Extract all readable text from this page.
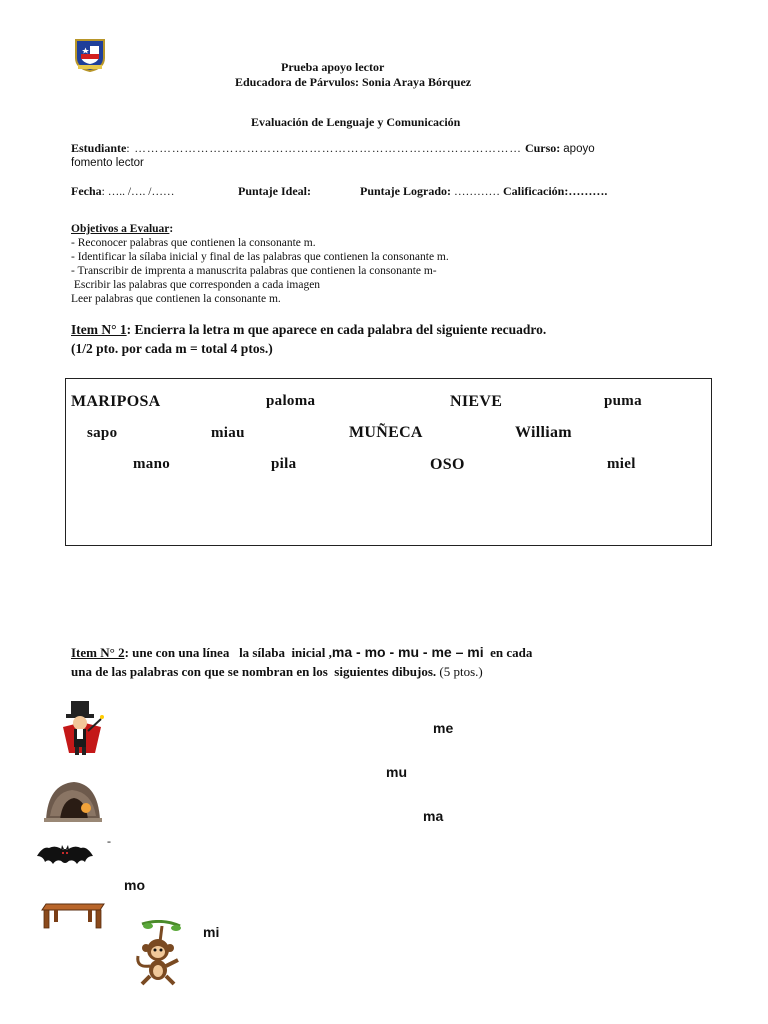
Prueba apoyo lector
Educadora de Párvulos: Sonia Araya Bórquez
Evaluación de Lenguaje y Comunicación
Estudiante: ………………………………………………………………………………… Curso: apoyo
fomento lector
Fecha: ….. /…. /……	Puntaje Ideal:	Puntaje Logrado: ………… Calificación:……….
Objetivos a Evaluar:
- Reconocer palabras que contienen la consonante m.
- Identificar la sílaba inicial y final de las palabras que contienen la consonante m.
- Transcribir de imprenta a manuscrita palabras que contienen la consonante m-
Escribir las palabras que corresponden a cada imagen
Leer palabras que contienen la consonante m.
Item N° 1: Encierra la letra m que aparece en cada palabra del siguiente recuadro.
(1/2 pto. por cada m = total 4 ptos.)
MARIPOSA	paloma	NIEVE	puma
sapo	miau	MUÑECA	William
mano	pila	OSO	miel
Item N° 2: une con una línea   la sílaba  inicial ,ma - mo - mu - me – mi  en cada
una de las palabras con que se nombran en los  siguientes dibujos. (5 ptos.)
me
mu
ma
-
mo
mi
